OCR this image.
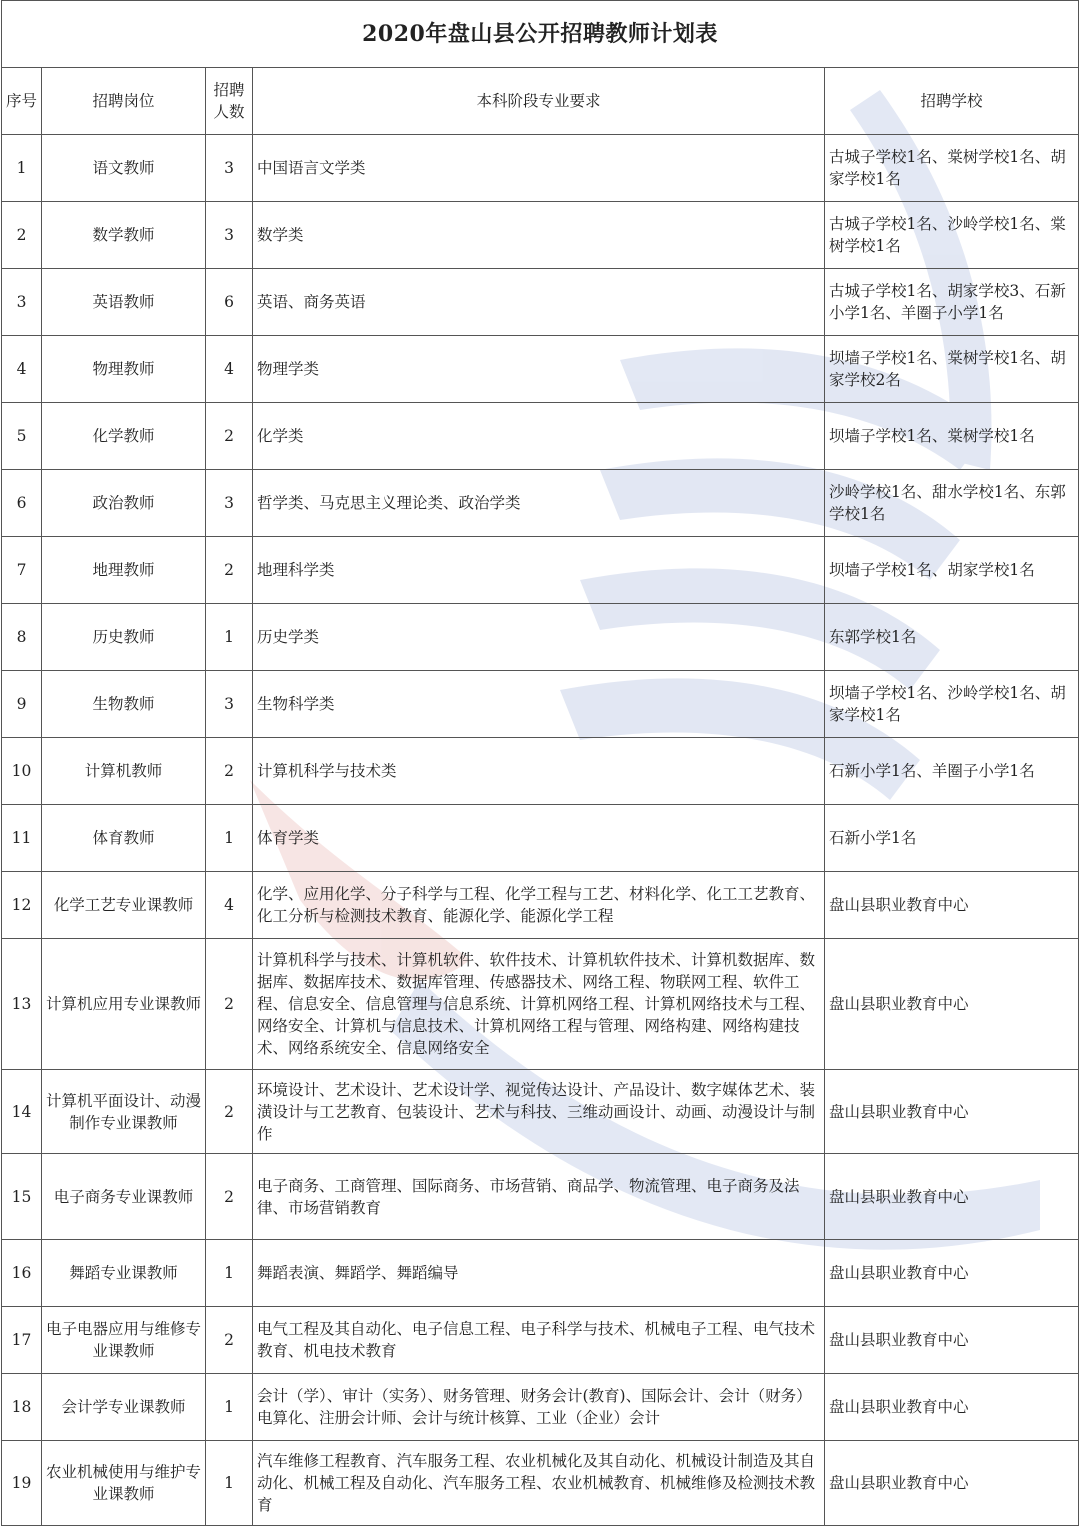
2020年盘山县公开招聘教师计划表				
序号	招聘岗位	招聘人数	本科阶段专业要求	招聘学校
1	语文教师	3	中国语言文学类	古城子学校1名、棠树学校1名、胡家学校1名
2	数学教师	3	数学类	古城子学校1名、沙岭学校1名、棠树学校1名
3	英语教师	6	英语、商务英语	古城子学校1名、胡家学校3、石新小学1名、羊圈子小学1名
4	物理教师	4	物理学类	坝墙子学校1名、棠树学校1名、胡家学校2名
5	化学教师	2	化学类	坝墙子学校1名、棠树学校1名
6	政治教师	3	哲学类、马克思主义理论类、政治学类	沙岭学校1名、甜水学校1名、东郭学校1名
7	地理教师	2	地理科学类	坝墙子学校1名、胡家学校1名
8	历史教师	1	历史学类	东郭学校1名
9	生物教师	3	生物科学类	坝墙子学校1名、沙岭学校1名、胡家学校1名
10	计算机教师	2	计算机科学与技术类	石新小学1名、羊圈子小学1名
11	体育教师	1	体育学类	石新小学1名
12	化学工艺专业课教师	4	化学、应用化学、分子科学与工程、化学工程与工艺、材料化学、化工工艺教育、化工分析与检测技术教育、能源化学、能源化学工程	盘山县职业教育中心
13	计算机应用专业课教师	2	计算机科学与技术、计算机软件、软件技术、计算机软件技术、计算机数据库、数据库、数据库技术、数据库管理、传感器技术、网络工程、物联网工程、软件工程、信息安全、信息管理与信息系统、计算机网络工程、计算机网络技术与工程、网络安全、计算机与信息技术、计算机网络工程与管理、网络构建、网络构建技术、网络系统安全、信息网络安全	盘山县职业教育中心
14	计算机平面设计、动漫制作专业课教师	2	环境设计、艺术设计、艺术设计学、视觉传达设计、产品设计、数字媒体艺术、装潢设计与工艺教育、包装设计、艺术与科技、三维动画设计、动画、动漫设计与制作	盘山县职业教育中心
15	电子商务专业课教师	2	电子商务、工商管理、国际商务、市场营销、商品学、物流管理、电子商务及法律、市场营销教育	盘山县职业教育中心
16	舞蹈专业课教师	1	舞蹈表演、舞蹈学、舞蹈编导	盘山县职业教育中心
17	电子电器应用与维修专业课教师	2	电气工程及其自动化、电子信息工程、电子科学与技术、机械电子工程、电气技术教育、机电技术教育	盘山县职业教育中心
18	会计学专业课教师	1	会计（学）、审计（实务）、财务管理、财务会计(教育)、国际会计、会计（财务）电算化、注册会计师、会计与统计核算、工业（企业）会计	盘山县职业教育中心
19	农业机械使用与维护专业课教师	1	汽车维修工程教育、汽车服务工程、农业机械化及其自动化、机械设计制造及其自动化、机械工程及自动化、汽车服务工程、农业机械教育、机械维修及检测技术教育	盘山县职业教育中心
